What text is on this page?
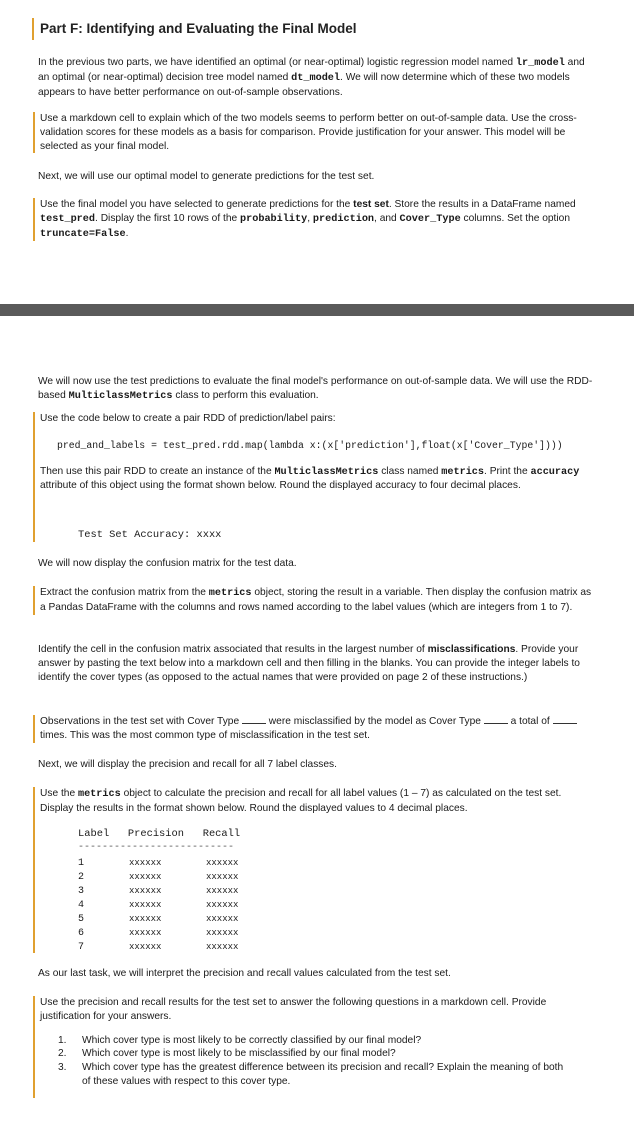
Part F: Identifying and Evaluating the Final Model
In the previous two parts, we have identified an optimal (or near-optimal) logistic regression model named lr_model and an optimal (or near-optimal) decision tree model named dt_model. We will now determine which of these two models appears to have better performance on out-of-sample observations.
Use a markdown cell to explain which of the two models seems to perform better on out-of-sample data. Use the cross-validation scores for these models as a basis for comparison. Provide justification for your answer. This model will be selected as your final model.
Next, we will use our optimal model to generate predictions for the test set.
Use the final model you have selected to generate predictions for the test set. Store the results in a DataFrame named test_pred. Display the first 10 rows of the probability, prediction, and Cover_Type columns. Set the option truncate=False.
We will now use the test predictions to evaluate the final model's performance on out-of-sample data. We will use the RDD-based MulticlassMetrics class to perform this evaluation.
Use the code below to create a pair RDD of prediction/label pairs:
pred_and_labels = test_pred.rdd.map(lambda x:(x['prediction'],float(x['Cover_Type'])))
Then use this pair RDD to create an instance of the MulticlassMetrics class named metrics. Print the accuracy attribute of this object using the format shown below. Round the displayed accuracy to four decimal places.
Test Set Accuracy: xxxx
We will now display the confusion matrix for the test data.
Extract the confusion matrix from the metrics object, storing the result in a variable. Then display the confusion matrix as a Pandas DataFrame with the columns and rows named according to the label values (which are integers from 1 to 7).
Identify the cell in the confusion matrix associated that results in the largest number of misclassifications. Provide your answer by pasting the text below into a markdown cell and then filling in the blanks. You can provide the integer labels to identify the cover types (as opposed to the actual names that were provided on page 2 of these instructions.)
Observations in the test set with Cover Type  were misclassified by the model as Cover Type  a total of  times. This was the most common type of misclassification in the test set.
Next, we will display the precision and recall for all 7 label classes.
Use the metrics object to calculate the precision and recall for all label values (1 – 7) as calculated on the test set. Display the results in the format shown below. Round the displayed values to 4 decimal places.
Label   Precision   Recall
--------------------------
1	xxxxxx	xxxxxx
2	xxxxxx	xxxxxx
3	xxxxxx	xxxxxx
4	xxxxxx	xxxxxx
5	xxxxxx	xxxxxx
6	xxxxxx	xxxxxx
7	xxxxxx	xxxxxx
As our last task, we will interpret the precision and recall values calculated from the test set.
Use the precision and recall results for the test set to answer the following questions in a markdown cell. Provide justification for your answers.
1.	Which cover type is most likely to be correctly classified by our final model?
2.	Which cover type is most likely to be misclassified by our final model?
3.	Which cover type has the greatest difference between its precision and recall? Explain the meaning of both of these values with respect to this cover type.
